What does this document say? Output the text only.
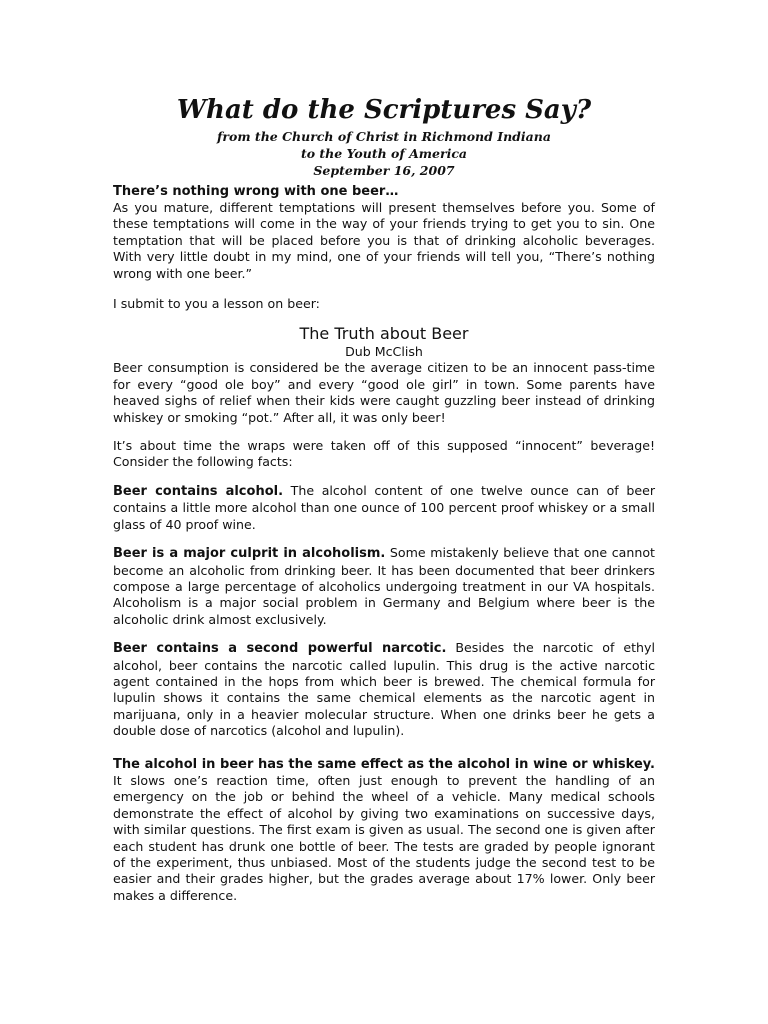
What do the Scriptures Say?
from the Church of Christ in Richmond Indiana
to the Youth of America
September 16, 2007
There’s nothing wrong with one beer…

As you mature, different temptations will present themselves before you. Some of these temptations will come in the way of your friends trying to get you to sin. One temptation that will be placed before you is that of drinking alcoholic beverages. With very little doubt in my mind, one of your friends will tell you, “There’s nothing wrong with one beer.”

I submit to you a lesson on beer:

The Truth about Beer
Dub McClish

Beer consumption is considered be the average citizen to be an innocent pass-time for every “good ole boy” and every “good ole girl” in town. Some parents have heaved sighs of relief when their kids were caught guzzling beer instead of drinking whiskey or smoking “pot.” After all, it was only beer!

It’s about time the wraps were taken off of this supposed “innocent” beverage! Consider the following facts:

Beer contains alcohol. The alcohol content of one twelve ounce can of beer contains a little more alcohol than one ounce of 100 percent proof whiskey or a small glass of 40 proof wine.

Beer is a major culprit in alcoholism. Some mistakenly believe that one cannot become an alcoholic from drinking beer. It has been documented that beer drinkers compose a large percentage of alcoholics undergoing treatment in our VA hospitals. Alcoholism is a major social problem in Germany and Belgium where beer is the alcoholic drink almost exclusively.

Beer contains a second powerful narcotic. Besides the narcotic of ethyl alcohol, beer contains the narcotic called lupulin. This drug is the active narcotic agent contained in the hops from which beer is brewed. The chemical formula for lupulin shows it contains the same chemical elements as the narcotic agent in marijuana, only in a heavier molecular structure. When one drinks beer he gets a double dose of narcotics (alcohol and lupulin).

The alcohol in beer has the same effect as the alcohol in wine or whiskey. It slows one’s reaction time, often just enough to prevent the handling of an emergency on the job or behind the wheel of a vehicle. Many medical schools demonstrate the effect of alcohol by giving two examinations on successive days, with similar questions. The first exam is given as usual. The second one is given after each student has drunk one bottle of beer. The tests are graded by people ignorant of the experiment, thus unbiased. Most of the students judge the second test to be easier and their grades higher, but the grades average about 17% lower. Only beer makes a difference.
